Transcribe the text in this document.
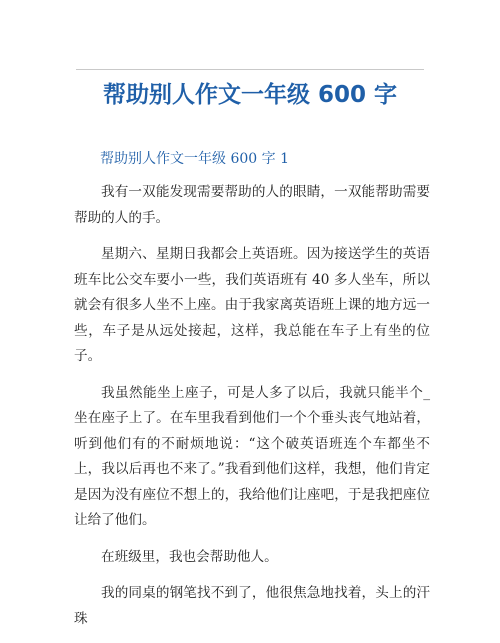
帮助别人作文一年级 600 字
帮助别人作文一年级 600 字 1

我有一双能发现需要帮助的人的眼睛，一双能帮助需要帮助的人的手。

星期六、星期日我都会上英语班。因为接送学生的英语班车比公交车要小一些，我们英语班有 40 多人坐车，所以就会有很多人坐不上座。由于我家离英语班上课的地方远一些，车子是从远处接起，这样，我总能在车子上有坐的位子。

我虽然能坐上座子，可是人多了以后，我就只能半个_坐在座子上了。在车里我看到他们一个个垂头丧气地站着，听到他们有的不耐烦地说：“这个破英语班连个车都坐不上，我以后再也不来了。”我看到他们这样，我想，他们肯定是因为没有座位不想上的，我给他们让座吧，于是我把座位让给了他们。

在班级里，我也会帮助他人。

我的同桌的钢笔找不到了，他很焦急地找着，头上的汗珠
